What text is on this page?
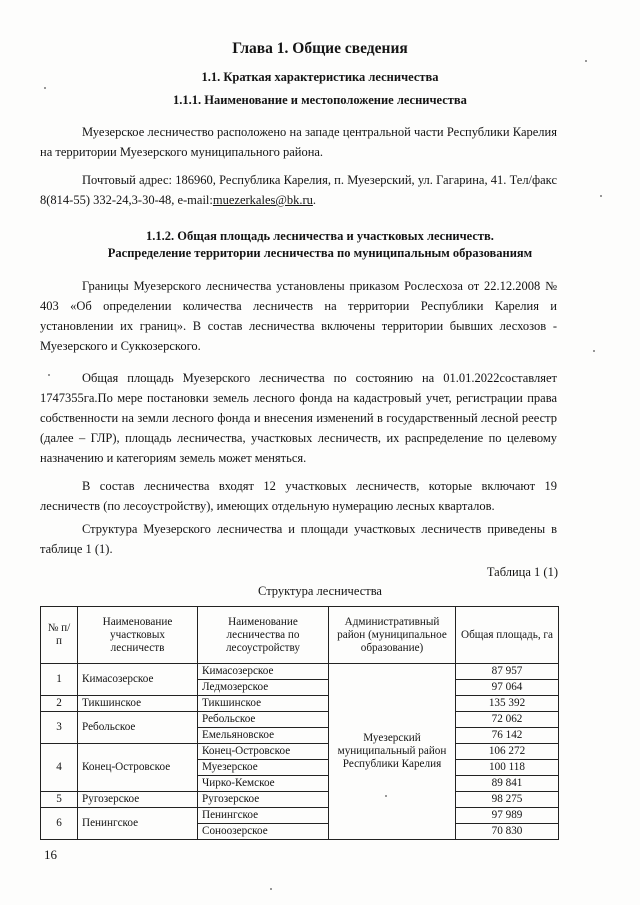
Глава 1. Общие сведения
1.1. Краткая характеристика лесничества
1.1.1. Наименование и местоположение лесничества

Муезерское лесничество расположено на западе центральной части Республики Карелия на территории Муезерского муниципального района.

Почтовый адрес: 186960, Республика Карелия, п. Муезерский, ул. Гагарина, 41. Тел/факс 8(814-55) 332-24,3-30-48, e-mail:muezerkales@bk.ru.

1.1.2. Общая площадь лесничества и участковых лесничеств.
Распределение территории лесничества по муниципальным образованиям

Границы Муезерского лесничества установлены приказом Рослесхоза от 22.12.2008 № 403 «Об определении количества лесничеств на территории Республики Карелия и установлении их границ». В состав лесничества включены территории бывших лесхозов - Муезерского и Суккозерского.

Общая площадь Муезерского лесничества по состоянию на 01.01.2022составляет 1747355га.По мере постановки земель лесного фонда на кадастровый учет, регистрации права собственности на земли лесного фонда и внесения изменений в государственный лесной реестр (далее – ГЛР), площадь лесничества, участковых лесничеств, их распределение по целевому назначению и категориям земель может меняться.

В состав лесничества входят 12 участковых лесничеств, которые включают 19 лесничеств (по лесоустройству), имеющих отдельную нумерацию лесных кварталов.

Структура Муезерского лесничества и площади участковых лесничеств приведены в таблице 1 (1).

Таблица 1 (1)
Структура лесничества
№ п/п	Наименование участковых лесничеств	Наименование лесничества по лесоустройству	Административный район (муниципальное образование)	Общая площадь, га
1	Кимасозерское	Кимасозерское	Муезерский муниципальный район Республики Карелия	87 957
		Ледмозерское		97 064
2	Тикшинское	Тикшинское		135 392
3	Ребольское	Ребольское		72 062
		Емельяновское		76 142
4	Конец-Островское	Конец-Островское		106 272
		Муезерское		100 118
		Чирко-Кемское		89 841
5	Ругозерское	Ругозерское		98 275
6	Пенингское	Пенингское		97 989
		Соноозерское		70 830
16
